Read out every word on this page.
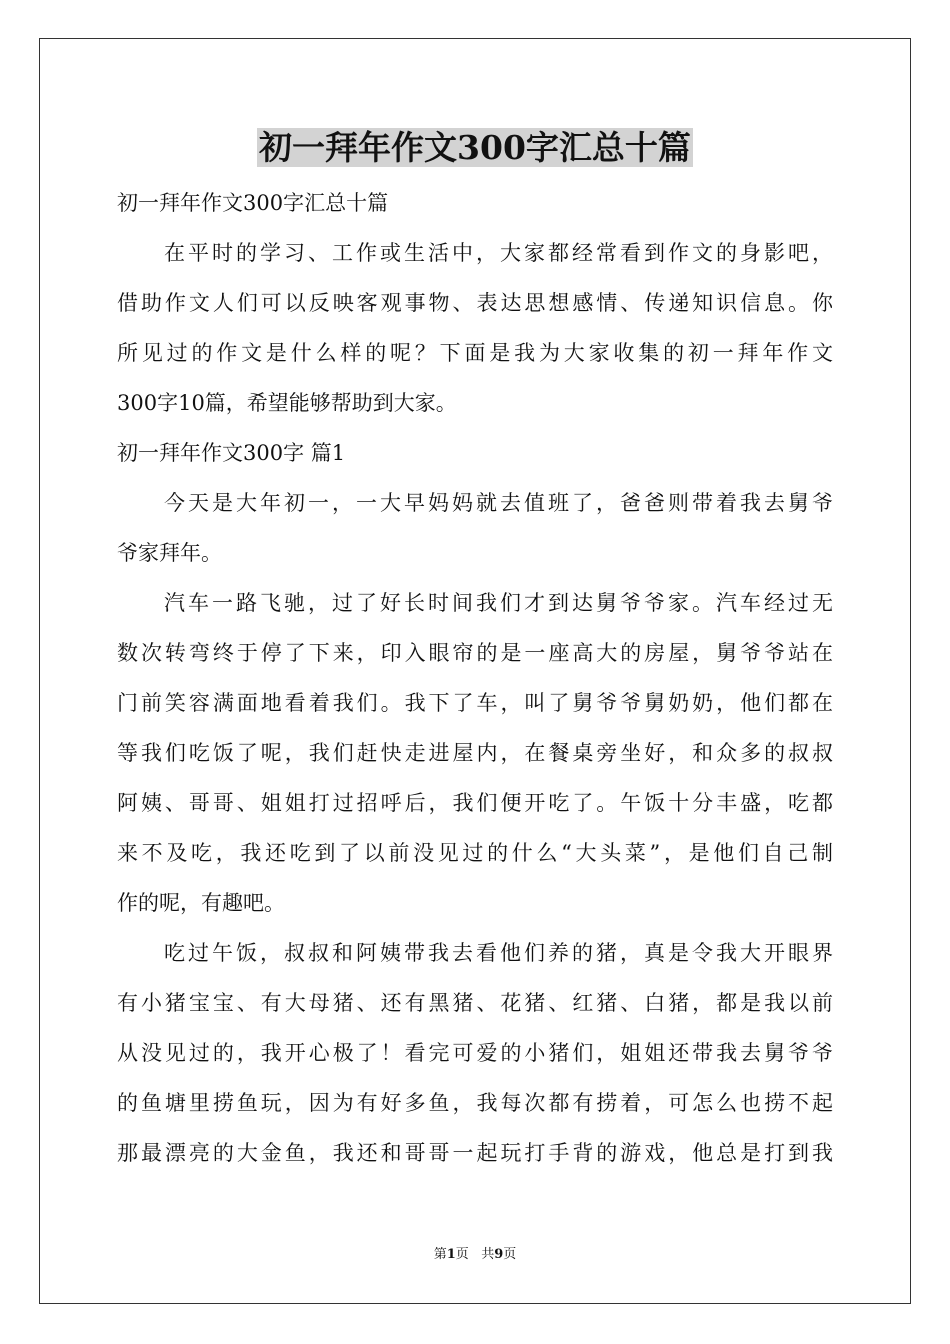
初一拜年作文300字汇总十篇

初一拜年作文300字汇总十篇

在平时的学习、工作或生活中，大家都经常看到作文的身影吧，

借助作文人们可以反映客观事物、表达思想感情、传递知识信息。你

所见过的作文是什么样的呢？下面是我为大家收集的初一拜年作文

300字10篇，希望能够帮助到大家。

初一拜年作文300字 篇1

今天是大年初一，一大早妈妈就去值班了，爸爸则带着我去舅爷

爷家拜年。

汽车一路飞驰，过了好长时间我们才到达舅爷爷家。汽车经过无

数次转弯终于停了下来，印入眼帘的是一座高大的房屋，舅爷爷站在

门前笑容满面地看着我们。我下了车，叫了舅爷爷舅奶奶，他们都在

等我们吃饭了呢，我们赶快走进屋内，在餐桌旁坐好，和众多的叔叔

阿姨、哥哥、姐姐打过招呼后，我们便开吃了。午饭十分丰盛，吃都

来不及吃，我还吃到了以前没见过的什么“大头菜”，是他们自己制

作的呢，有趣吧。

吃过午饭，叔叔和阿姨带我去看他们养的猪，真是令我大开眼界

有小猪宝宝、有大母猪、还有黑猪、花猪、红猪、白猪，都是我以前

从没见过的，我开心极了！看完可爱的小猪们，姐姐还带我去舅爷爷

的鱼塘里捞鱼玩，因为有好多鱼，我每次都有捞着，可怎么也捞不起

那最漂亮的大金鱼，我还和哥哥一起玩打手背的游戏，他总是打到我

第1页 共9页
